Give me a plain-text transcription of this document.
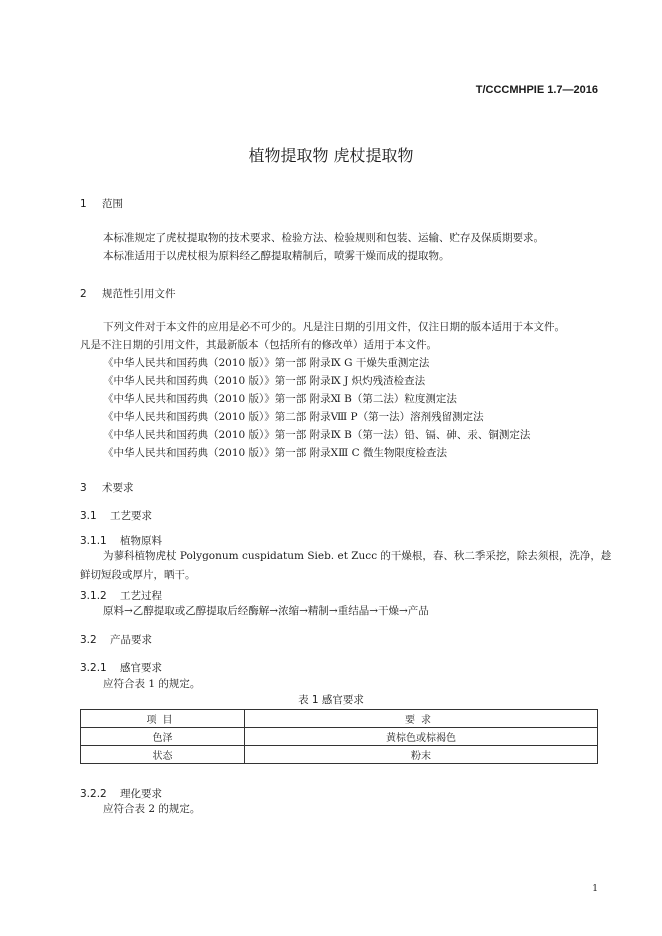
T/CCCMHPIE 1.7—2016
植物提取物 虎杖提取物
1 范围
本标准规定了虎杖提取物的技术要求、检验方法、检验规则和包装、运输、贮存及保质期要求。
本标准适用于以虎杖根为原料经乙醇提取精制后，喷雾干燥而成的提取物。
2 规范性引用文件
下列文件对于本文件的应用是必不可少的。凡是注日期的引用文件，仅注日期的版本适用于本文件。
凡是不注日期的引用文件，其最新版本（包括所有的修改单）适用于本文件。
《中华人民共和国药典（2010 版）》第一部 附录Ⅸ G 干燥失重测定法
《中华人民共和国药典（2010 版）》第一部 附录Ⅸ J 炽灼残渣检查法
《中华人民共和国药典（2010 版）》第一部 附录Ⅺ B（第二法）粒度测定法
《中华人民共和国药典（2010 版）》第二部 附录Ⅷ P（第一法）溶剂残留测定法
《中华人民共和国药典（2010 版）》第一部 附录Ⅸ B（第一法）铅、镉、砷、汞、铜测定法
《中华人民共和国药典（2010 版）》第一部 附录ⅩⅢ C 微生物限度检查法
3 术要求
3.1 工艺要求
3.1.1 植物原料
为蓼科植物虎杖 Polygonum cuspidatum Sieb. et Zucc 的干燥根，春、秋二季采挖，除去须根，洗净，趁
鲜切短段或厚片，晒干。
3.1.2 工艺过程
原料→乙醇提取或乙醇提取后经酶解→浓缩→精制→重结晶→干燥→产品
3.2 产品要求
3.2.1 感官要求
应符合表 1 的规定。
表 1 感官要求
项目	要求
色泽	黄棕色或棕褐色
状态	粉末
3.2.2 理化要求
应符合表 2 的规定。
1
